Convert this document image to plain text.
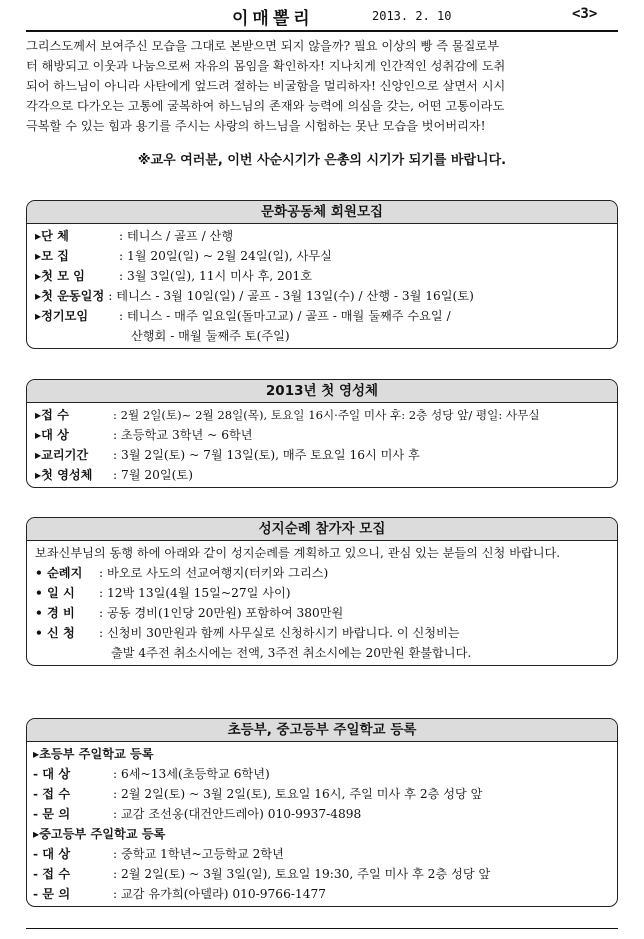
이매뽈리	2013. 2. 10	<3>

그리스도께서 보여주신 모습을 그대로 본받으면 되지 않을까? 필요 이상의 빵 즉 물질로부

터 해방되고 이웃과 나눔으로써 자유의 몸임을 확인하자! 지나치게 인간적인 성취감에 도취

되어 하느님이 아니라 사탄에게 엎드려 절하는 비굴함을 멀리하자! 신앙인으로 살면서 시시

각각으로 다가오는 고통에 굴복하여 하느님의 존재와 능력에 의심을 갖는, 어떤 고통이라도

극복할 수 있는 힘과 용기를 주시는 사랑의 하느님을 시험하는 못난 모습을 벗어버리자!

※교우 여러분, 이번 사순시기가 은총의 시기가 되기를 바랍니다.
문화공동체 회원모집
▸단 체	: 테니스 / 골프 / 산행
▸모 집	: 1월 20일(일) ~ 2월 24일(일), 사무실
▸첫 모 임	: 3월 3일(일), 11시 미사 후, 201호
▸첫 운동일정 : 테니스 - 3월 10일(일) / 골프 - 3월 13일(수) / 산행 - 3월 16일(토)
▸정기모임	: 테니스 - 매주 일요일(돌마고교) / 골프 - 매월 둘째주 수요일 /
산행회 - 매월 둘째주 토(주일)
2013년 첫 영성체
▸접 수	: 2월 2일(토)~ 2월 28일(목), 토요일 16시·주일 미사 후: 2층 성당 앞/ 평일: 사무실
▸대 상	: 초등학교 3학년 ~ 6학년
▸교리기간 : 3월 2일(토) ~ 7월 13일(토), 매주 토요일 16시 미사 후
▸첫 영성체 : 7월 20일(토)
성지순례 참가자 모집

보좌신부님의 동행 하에 아래와 같이 성지순례를 계획하고 있으니, 관심 있는 분들의 신청 바랍니다.

• 순례지 : 바오로 사도의 선교여행지(터키와 그리스)
• 일 시 : 12박 13일(4월 15일~27일 사이)
• 경 비 : 공동 경비(1인당 20만원) 포함하여 380만원
• 신 청 : 신청비 30만원과 함께 사무실로 신청하시기 바랍니다. 이 신청비는
출발 4주전 취소시에는 전액, 3주전 취소시에는 20만원 환불합니다.
초등부, 중고등부 주일학교 등록
▸초등부 주일학교 등록
- 대 상	: 6세~13세(초등학교 6학년)
- 접 수	: 2월 2일(토) ~ 3월 2일(토), 토요일 16시, 주일 미사 후 2층 성당 앞
- 문 의	: 교감 조선옹(대건안드레아) 010-9937-4898
▸중고등부 주일학교 등록
- 대 상	: 중학교 1학년~고등학교 2학년
- 접 수	: 2월 2일(토) ~ 3월 3일(일), 토요일 19:30, 주일 미사 후 2층 성당 앞
- 문 의	: 교감 유가희(아델라) 010-9766-1477
